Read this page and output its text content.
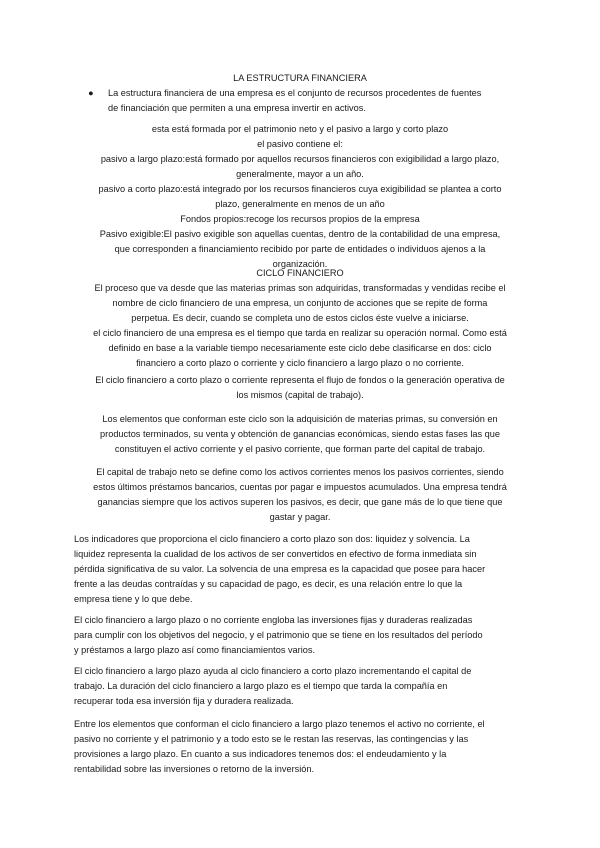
LA ESTRUCTURA FINANCIERA
● La estructura financiera de una empresa es el conjunto de recursos procedentes de fuentes
de financiación que permiten a una empresa invertir en activos.
esta está formada por el patrimonio neto y el pasivo a largo y corto plazo
el pasivo contiene el:
pasivo a largo plazo:está formado por aquellos recursos financieros con exigibilidad a largo plazo,
generalmente, mayor a un año.
pasivo a corto plazo:está integrado por los recursos financieros cuya exigibilidad se plantea a corto
plazo, generalmente en menos de un año
Fondos propios:recoge los recursos propios de la empresa
Pasivo exigible:El pasivo exigible son aquellas cuentas, dentro de la contabilidad de una empresa,
que corresponden a financiamiento recibido por parte de entidades o individuos ajenos a la
organización.
CICLO FINANCIERO
El proceso que va desde que las materias primas son adquiridas, transformadas y vendidas recibe el
nombre de ciclo financiero de una empresa, un conjunto de acciones que se repite de forma
perpetua. Es decir, cuando se completa uno de estos ciclos éste vuelve a iniciarse.
el ciclo financiero de una empresa es el tiempo que tarda en realizar su operación normal. Como está
definido en base a la variable tiempo necesariamente este ciclo debe clasificarse en dos: ciclo
financiero a corto plazo o corriente y ciclo financiero a largo plazo o no corriente.
El ciclo financiero a corto plazo o corriente representa el flujo de fondos o la generación operativa de
los mismos (capital de trabajo).
Los elementos que conforman este ciclo son la adquisición de materias primas, su conversión en
productos terminados, su venta y obtención de ganancias económicas, siendo estas fases las que
constituyen el activo corriente y el pasivo corriente, que forman parte del capital de trabajo.
El capital de trabajo neto se define como los activos corrientes menos los pasivos corrientes, siendo
estos últimos préstamos bancarios, cuentas por pagar e impuestos acumulados. Una empresa tendrá
ganancias siempre que los activos superen los pasivos, es decir, que gane más de lo que tiene que
gastar y pagar.
Los indicadores que proporciona el ciclo financiero a corto plazo son dos: liquidez y solvencia. La
liquidez representa la cualidad de los activos de ser convertidos en efectivo de forma inmediata sin
pérdida significativa de su valor. La solvencia de una empresa es la capacidad que posee para hacer
frente a las deudas contraídas y su capacidad de pago, es decir, es una relación entre lo que la
empresa tiene y lo que debe.
El ciclo financiero a largo plazo o no corriente engloba las inversiones fijas y duraderas realizadas
para cumplir con los objetivos del negocio, y el patrimonio que se tiene en los resultados del período
y préstamos a largo plazo así como financiamientos varios.
El ciclo financiero a largo plazo ayuda al ciclo financiero a corto plazo incrementando el capital de
trabajo. La duración del ciclo financiero a largo plazo es el tiempo que tarda la compañía en
recuperar toda esa inversión fija y duradera realizada.
Entre los elementos que conforman el ciclo financiero a largo plazo tenemos el activo no corriente, el
pasivo no corriente y el patrimonio y a todo esto se le restan las reservas, las contingencias y las
provisiones a largo plazo. En cuanto a sus indicadores tenemos dos: el endeudamiento y la
rentabilidad sobre las inversiones o retorno de la inversión.
